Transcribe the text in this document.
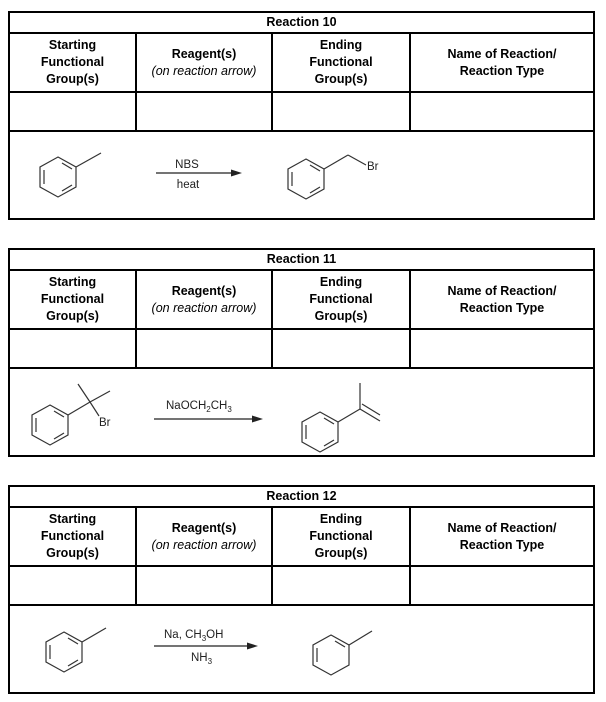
Reaction 10
Starting
Functional
Group(s)
Reagent(s)
(on reaction arrow)
Ending
Functional
Group(s)
Name of Reaction/
Reaction Type
NBS
heat
Br
Reaction 11
Starting
Functional
Group(s)
Reagent(s)
(on reaction arrow)
Ending
Functional
Group(s)
Name of Reaction/
Reaction Type
Br
$NaOCH_2CH_3$
Reaction 12
Starting
Functional
Group(s)
Reagent(s)
(on reaction arrow)
Ending
Functional
Group(s)
Name of Reaction/
Reaction Type
Na, $CH_3OH$
$NH_3$
